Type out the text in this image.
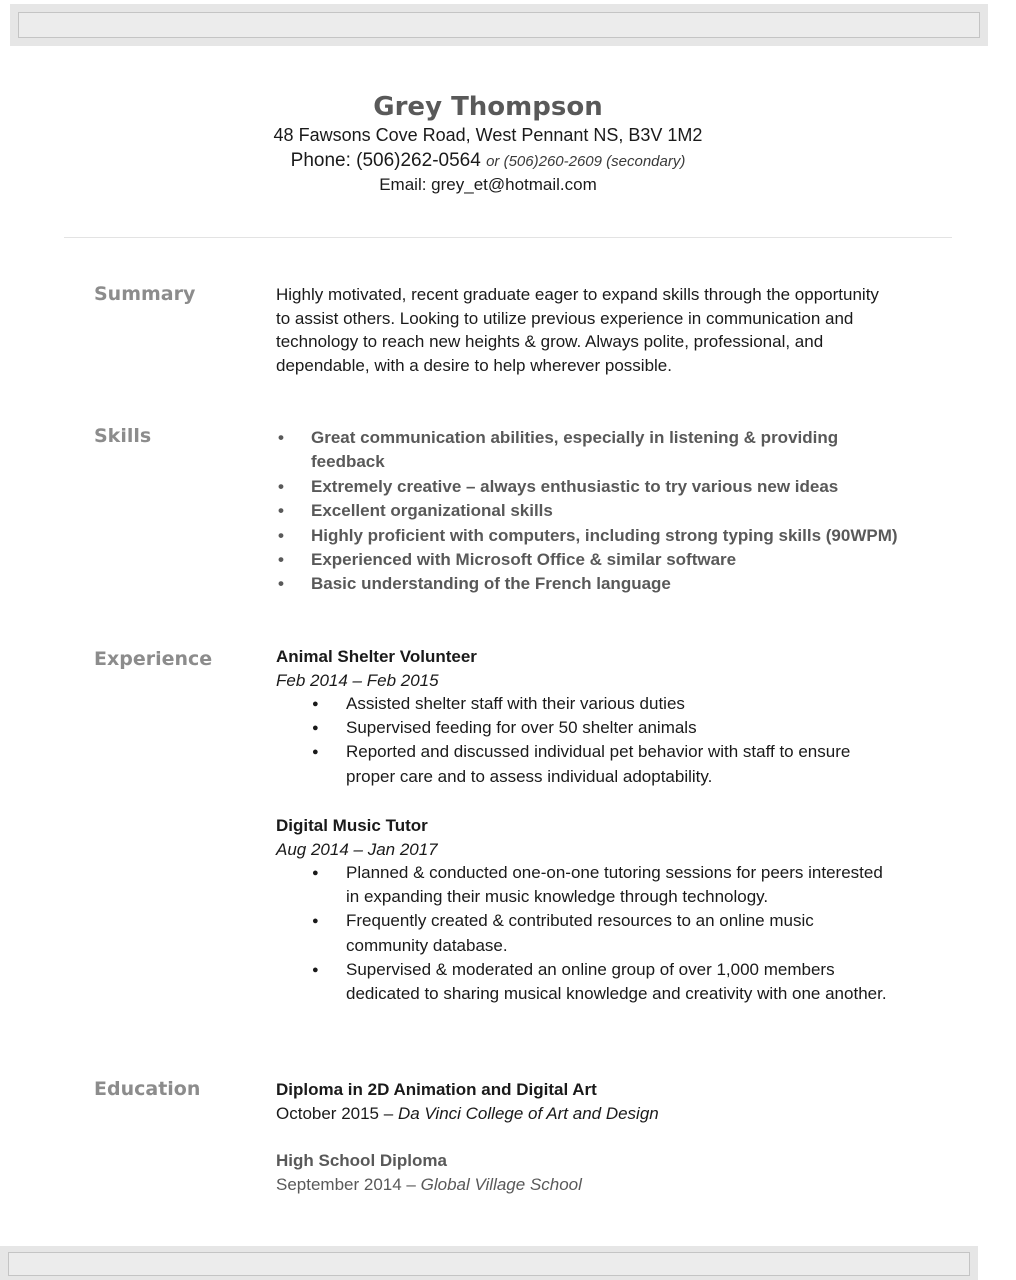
Grey Thompson
48 Fawsons Cove Road, West Pennant NS, B3V 1M2
Phone: (506)262-0564 or (506)260-2609 (secondary)
Email: grey_et@hotmail.com
Summary	Highly motivated, recent graduate eager to expand skills through the opportunity to assist others. Looking to utilize previous experience in communication and technology to reach new heights & grow. Always polite, professional, and dependable, with a desire to help wherever possible.
Skills
•	Great communication abilities, especially in listening & providing feedback
• Extremely creative – always enthusiastic to try various new ideas
• Excellent organizational skills
• Highly proficient with computers, including strong typing skills (90WPM)
• Experienced with Microsoft Office & similar software
• Basic understanding of the French language
Experience	Animal Shelter Volunteer
Feb 2014 – Feb 2015
● Assisted shelter staff with their various duties
● Supervised feeding for over 50 shelter animals
● Reported and discussed individual pet behavior with staff to ensure proper care and to assess individual adoptability.
Digital Music Tutor
Aug 2014 – Jan 2017
● Planned & conducted one-on-one tutoring sessions for peers interested in expanding their music knowledge through technology.
● Frequently created & contributed resources to an online music community database.
● Supervised & moderated an online group of over 1,000 members dedicated to sharing musical knowledge and creativity with one another.
Education	Diploma in 2D Animation and Digital Art
October 2015 – Da Vinci College of Art and Design
High School Diploma
September 2014 – Global Village School
